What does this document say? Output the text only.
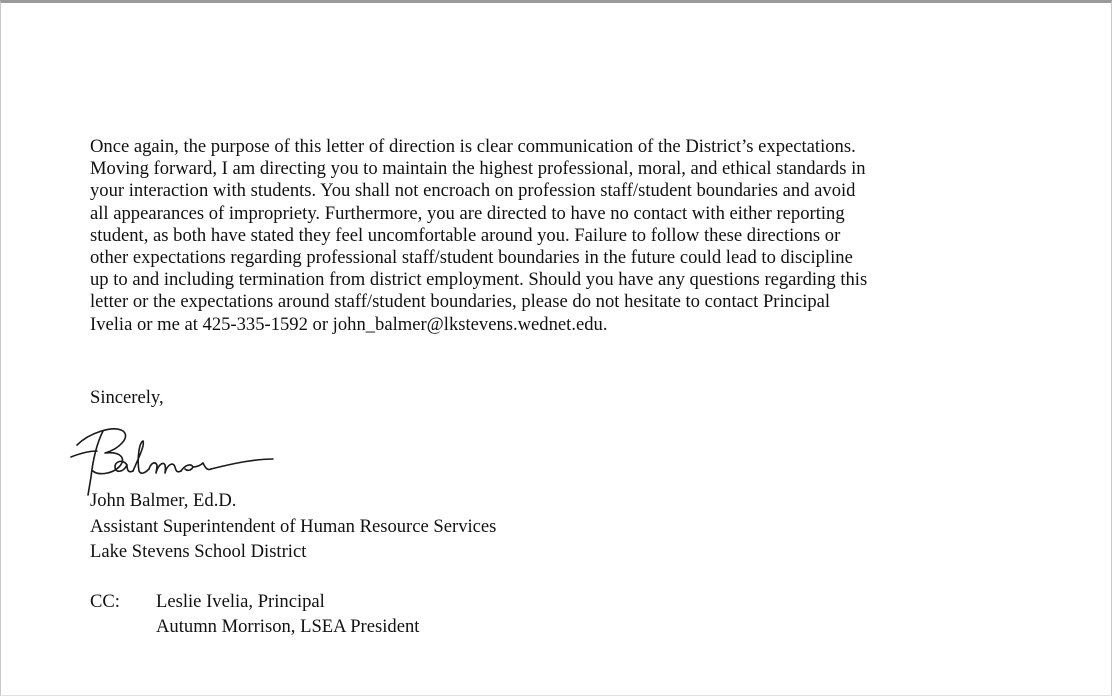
Once again, the purpose of this letter of direction is clear communication of the District’s expectations.
Moving forward, I am directing you to maintain the highest professional, moral, and ethical standards in
your interaction with students. You shall not encroach on profession staff/student boundaries and avoid
all appearances of impropriety. Furthermore, you are directed to have no contact with either reporting
student, as both have stated they feel uncomfortable around you. Failure to follow these directions or
other expectations regarding professional staff/student boundaries in the future could lead to discipline
up to and including termination from district employment. Should you have any questions regarding this
letter or the expectations around staff/student boundaries, please do not hesitate to contact Principal
Ivelia or me at 425-335-1592 or john_balmer@lkstevens.wednet.edu.

Sincerely,

John Balmer, Ed.D.
Assistant Superintendent of Human Resource Services
Lake Stevens School District
CC:	Leslie Ivelia, Principal
Autumn Morrison, LSEA President
